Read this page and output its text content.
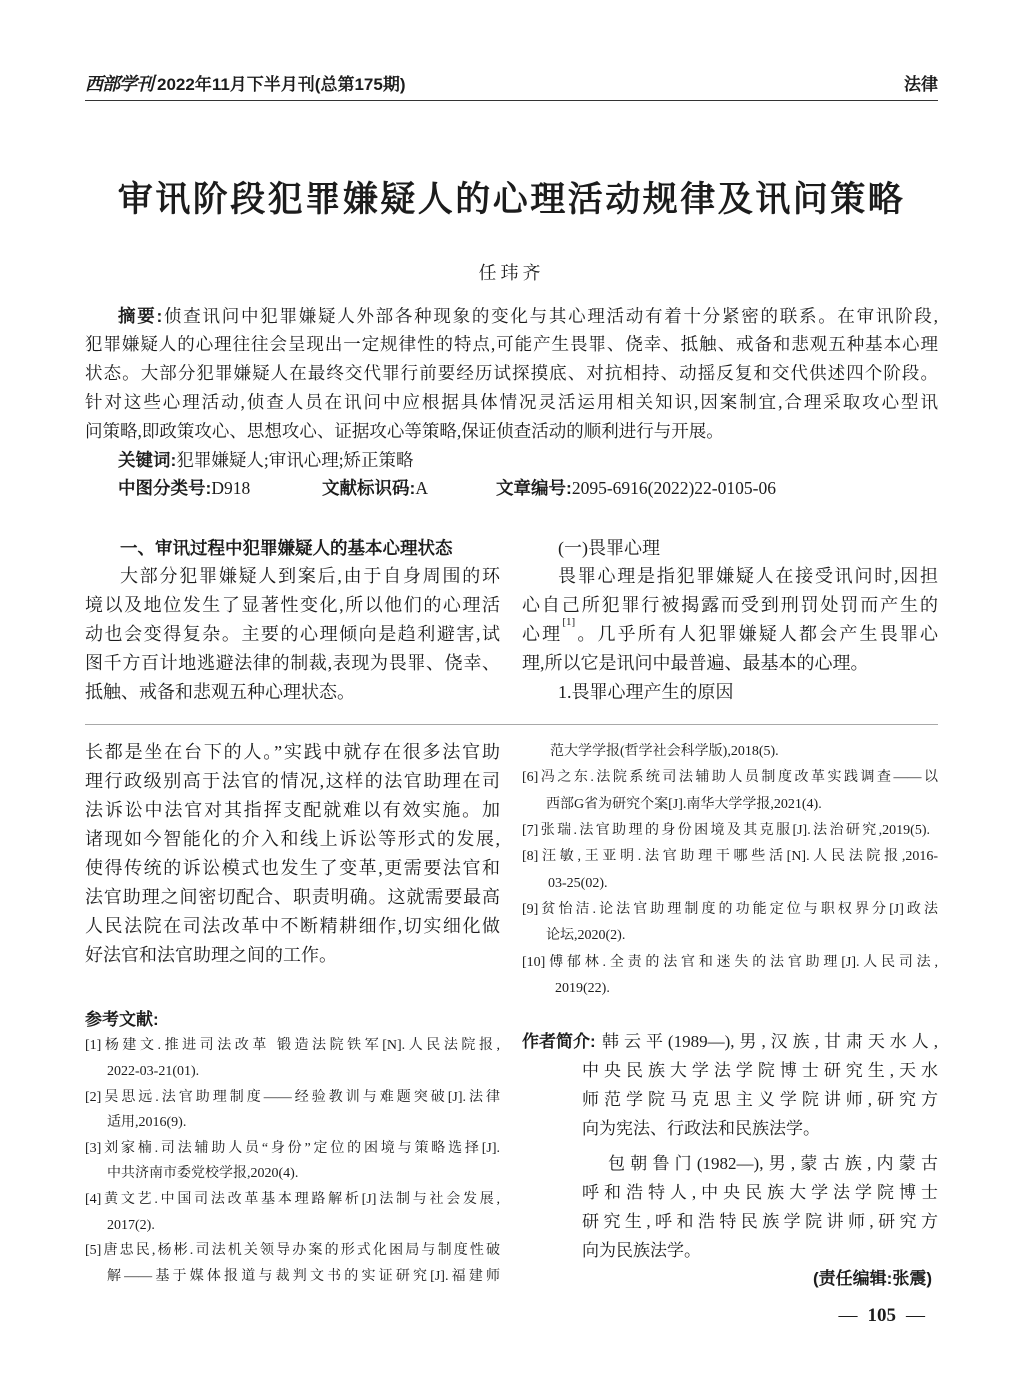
西部学刊 2022年11月下半月刊(总第175期)	法律
审讯阶段犯罪嫌疑人的心理活动规律及讯问策略
任玮齐
摘要:侦查讯问中犯罪嫌疑人外部各种现象的变化与其心理活动有着十分紧密的联系。在审讯阶段,
犯罪嫌疑人的心理往往会呈现出一定规律性的特点,可能产生畏罪、侥幸、抵触、戒备和悲观五种基本心理
状态。大部分犯罪嫌疑人在最终交代罪行前要经历试探摸底、对抗相持、动摇反复和交代供述四个阶段。
针对这些心理活动,侦查人员在讯问中应根据具体情况灵活运用相关知识,因案制宜,合理采取攻心型讯
问策略,即政策攻心、思想攻心、证据攻心等策略,保证侦查活动的顺利进行与开展。
关键词:犯罪嫌疑人;审讯心理;矫正策略
中图分类号:D918	文献标识码:A	文章编号:2095-6916(2022)22-0105-06
一、审讯过程中犯罪嫌疑人的基本心理状态
大部分犯罪嫌疑人到案后,由于自身周围的环
境以及地位发生了显著性变化,所以他们的心理活
动也会变得复杂。主要的心理倾向是趋利避害,试
图千方百计地逃避法律的制裁,表现为畏罪、侥幸、
抵触、戒备和悲观五种心理状态。
(一)畏罪心理
畏罪心理是指犯罪嫌疑人在接受讯问时,因担
心自己所犯罪行被揭露而受到刑罚处罚而产生的
心理[1]。几乎所有人犯罪嫌疑人都会产生畏罪心
理,所以它是讯问中最普遍、最基本的心理。
1.畏罪心理产生的原因
长都是坐在台下的人。”实践中就存在很多法官助
理行政级别高于法官的情况,这样的法官助理在司
法诉讼中法官对其指挥支配就难以有效实施。加
诸现如今智能化的介入和线上诉讼等形式的发展,
使得传统的诉讼模式也发生了变革,更需要法官和
法官助理之间密切配合、职责明确。这就需要最高
人民法院在司法改革中不断精耕细作,切实细化做
好法官和法官助理之间的工作。
参考文献:
[1]杨建文.推进司法改革 锻造法院铁军[N].人民法院报,
2022-03-21(01).
[2]吴思远.法官助理制度——经验教训与难题突破[J].法律
适用,2016(9).
[3]刘家楠.司法辅助人员“身份”定位的困境与策略选择[J].
中共济南市委党校学报,2020(4).
[4]黄文艺.中国司法改革基本理路解析[J]法制与社会发展,
2017(2).
[5]唐忠民,杨彬.司法机关领导办案的形式化困局与制度性破
解——基于媒体报道与裁判文书的实证研究[J].福建师
范大学学报(哲学社会科学版),2018(5).
[6]冯之东.法院系统司法辅助人员制度改革实践调查——以
西部G省为研究个案[J].南华大学学报,2021(4).
[7]张瑞.法官助理的身份困境及其克服[J].法治研究,2019(5).
[8]汪敏,王亚明.法官助理干哪些活[N].人民法院报,2016-
03-25(02).
[9]贫怡洁.论法官助理制度的功能定位与职权界分[J]政法
论坛,2020(2).
[10]傅郁林.全责的法官和迷失的法官助理[J].人民司法,
2019(22).
作者简介: 韩云平(1989—),男,汉族,甘肃天水人,
中央民族大学法学院博士研究生,天水
师范学院马克思主义学院讲师,研究方
向为宪法、行政法和民族法学。
包朝鲁门(1982—),男,蒙古族,内蒙古
呼和浩特人,中央民族大学法学院博士
研究生,呼和浩特民族学院讲师,研究方
向为民族法学。
(责任编辑:张震)
— 105 —
